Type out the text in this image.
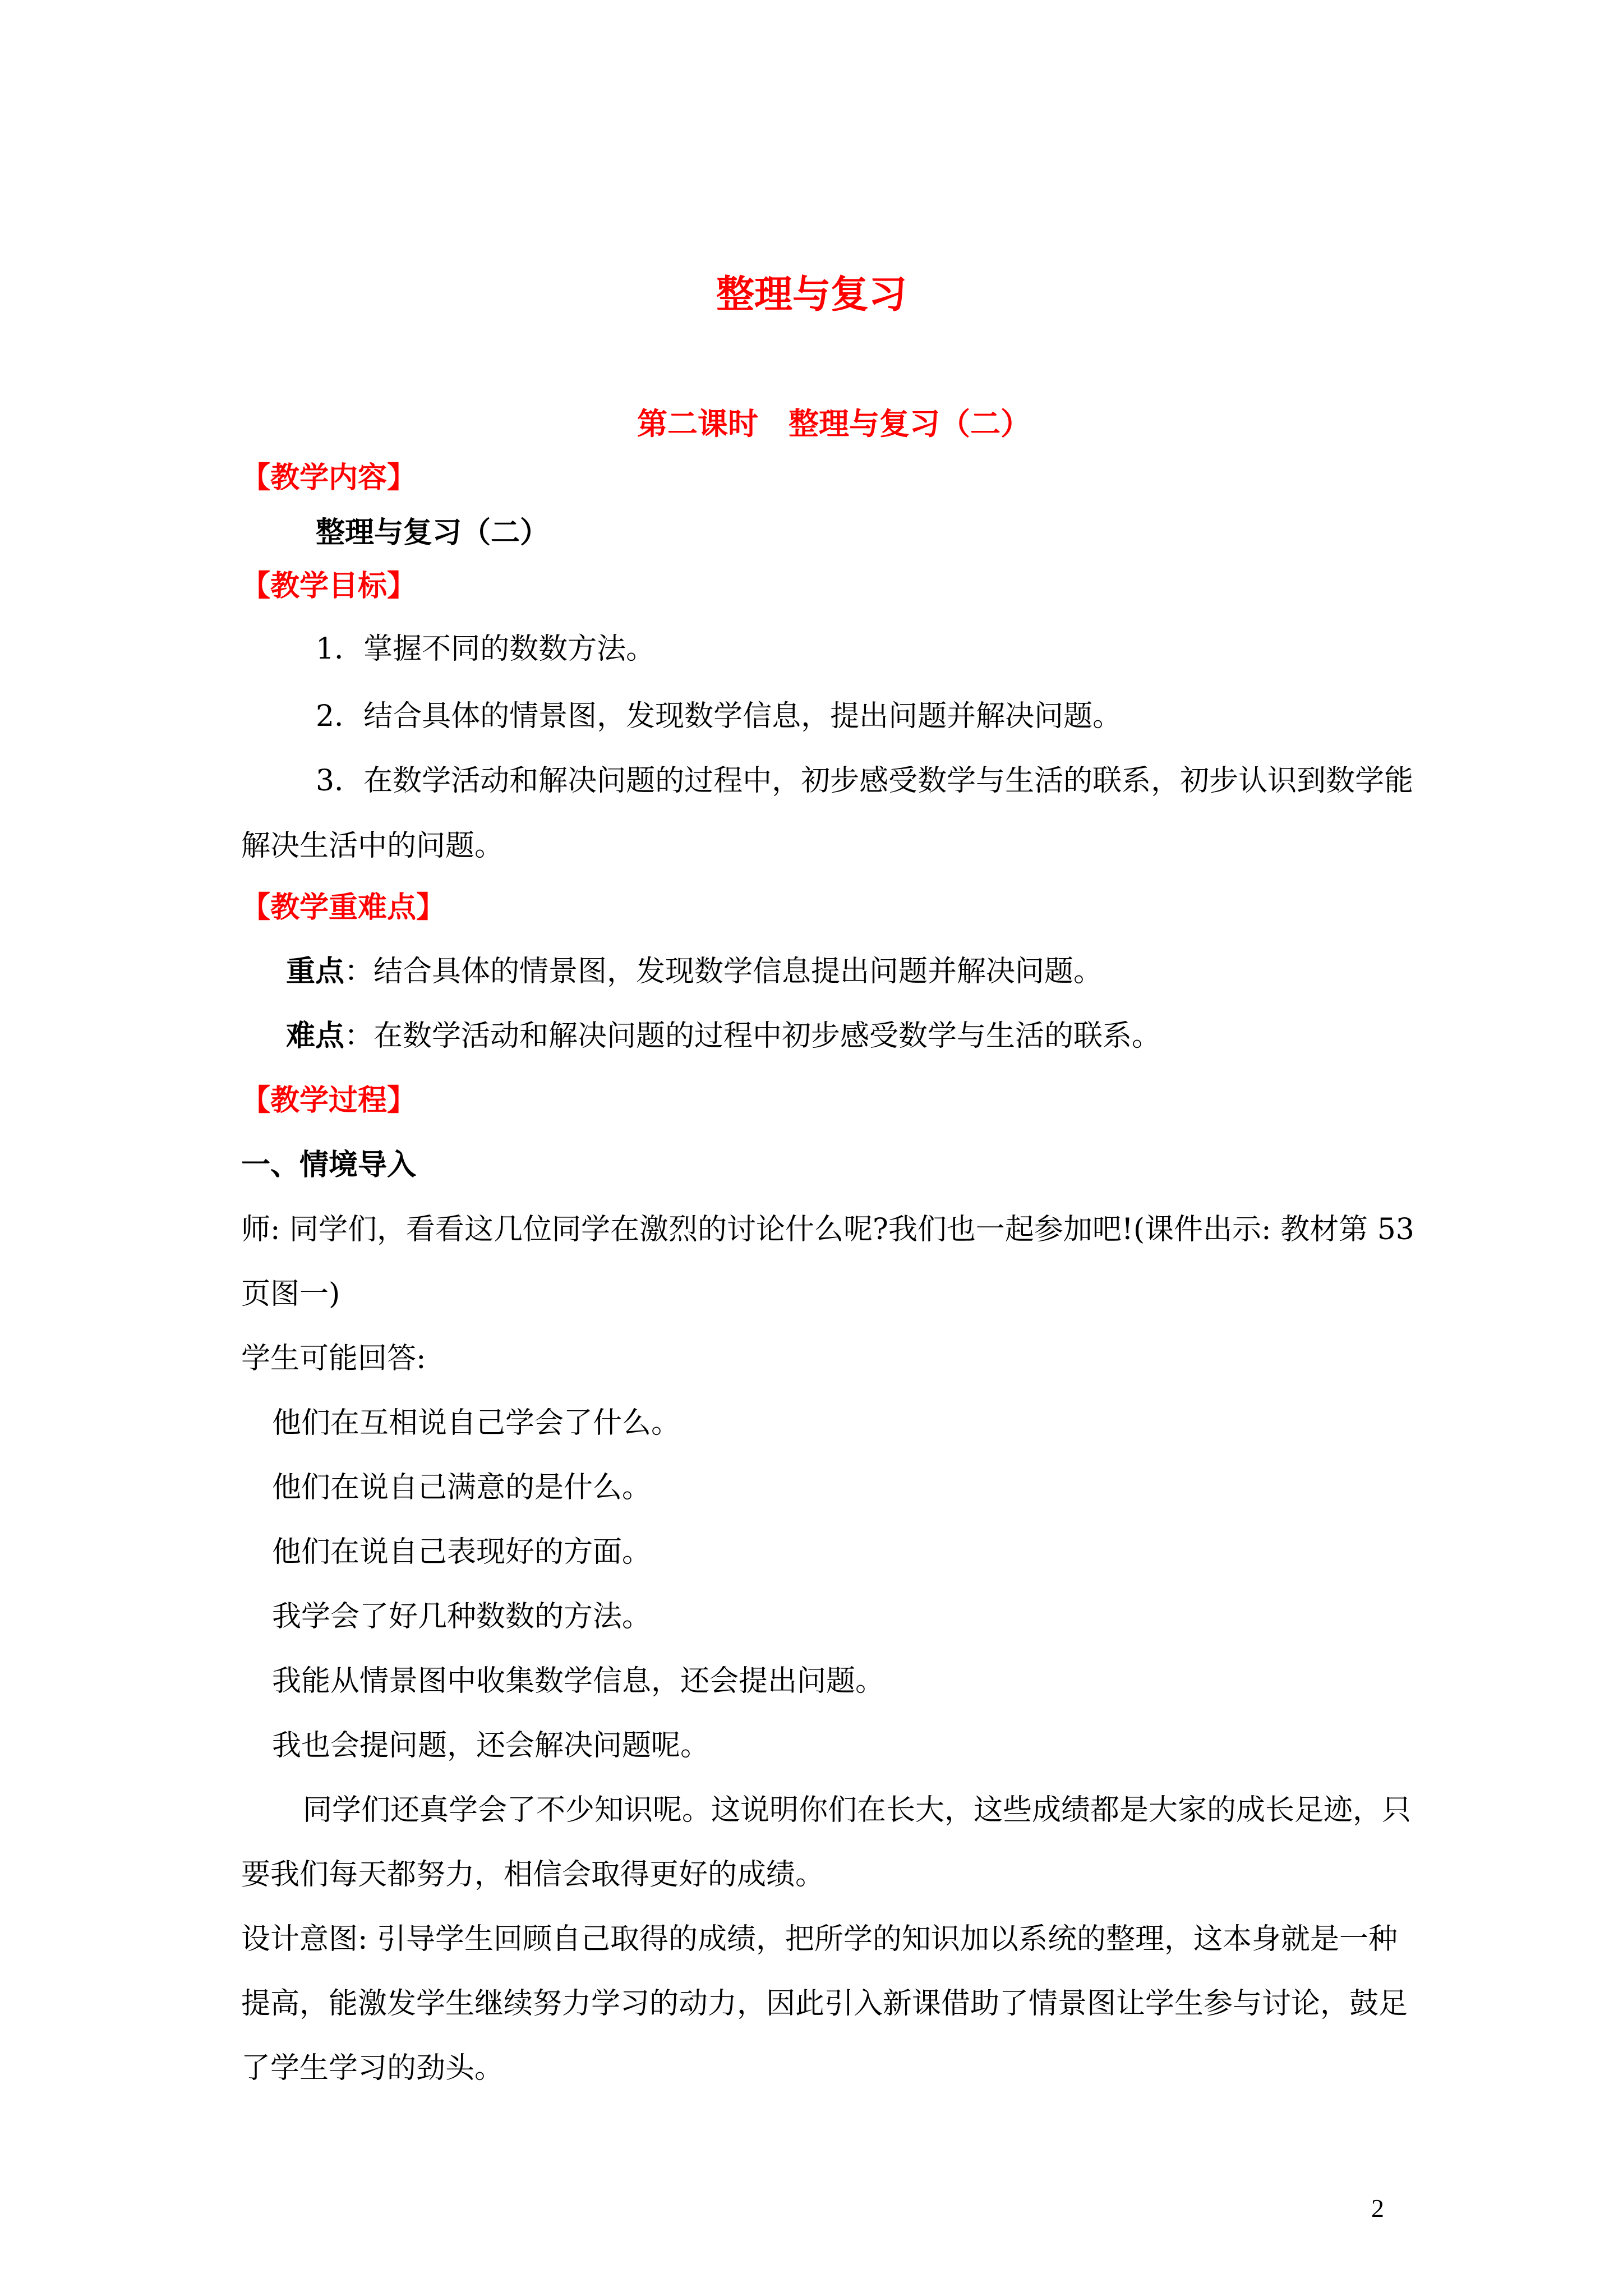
整理与复习
第二课时　整理与复习（二）
【教学内容】
整理与复习（二）
【教学目标】
1．掌握不同的数数方法。
2．结合具体的情景图，发现数学信息，提出问题并解决问题。
3．在数学活动和解决问题的过程中，初步感受数学与生活的联系，初步认识到数学能
解决生活中的问题。
【教学重难点】
重点：结合具体的情景图，发现数学信息提出问题并解决问题。
难点：在数学活动和解决问题的过程中初步感受数学与生活的联系。
【教学过程】
一、情境导入
师: 同学们，看看这几位同学在激烈的讨论什么呢?我们也一起参加吧!(课件出示: 教材第 53
页图一)
学生可能回答:
他们在互相说自己学会了什么。
他们在说自己满意的是什么。
他们在说自己表现好的方面。
我学会了好几种数数的方法。
我能从情景图中收集数学信息，还会提出问题。
我也会提问题，还会解决问题呢。
同学们还真学会了不少知识呢。这说明你们在长大，这些成绩都是大家的成长足迹，只
要我们每天都努力，相信会取得更好的成绩。
设计意图: 引导学生回顾自己取得的成绩，把所学的知识加以系统的整理，这本身就是一种
提高，能激发学生继续努力学习的动力，因此引入新课借助了情景图让学生参与讨论，鼓足
了学生学习的劲头。
2
